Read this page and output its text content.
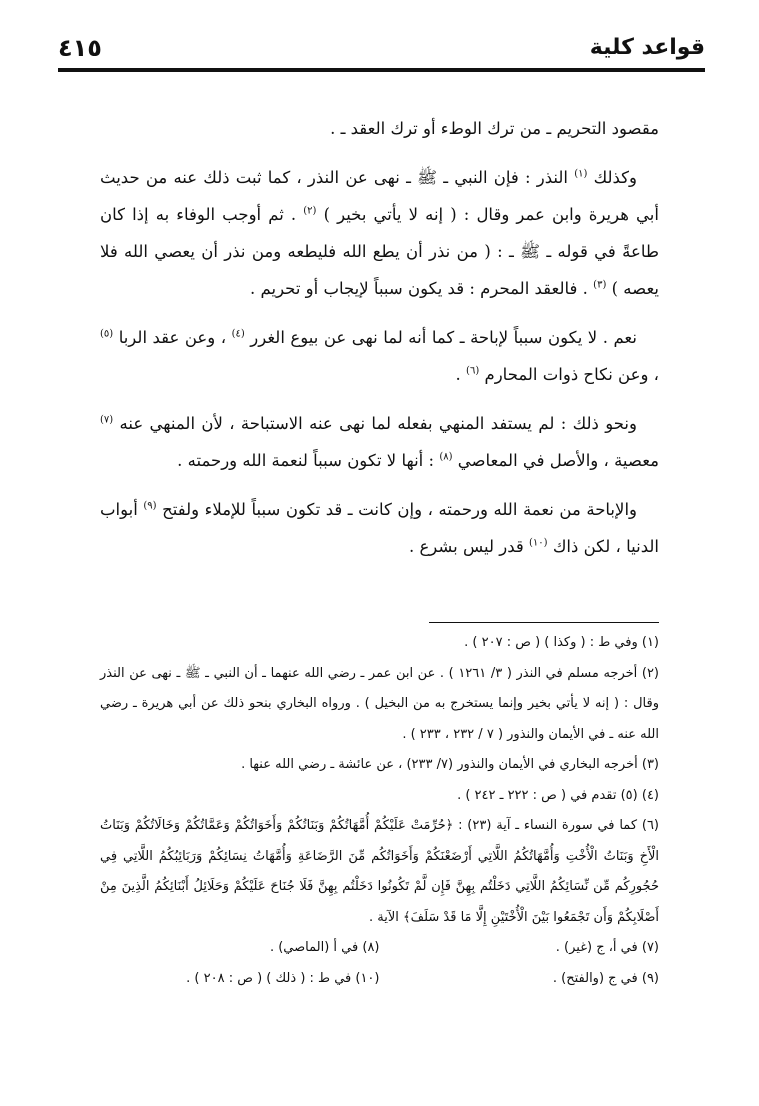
قواعد كلية
٤١٥

مقصود التحريم ـ من ترك الوطء أو ترك العقد ـ .

وكذلك $^{(١)}$ النذر : فإن النبي ـ ﷺ ـ نهى عن النذر ، كما ثبت ذلك عنه من حديث أبي هريرة وابن عمر وقال : ( إنه لا يأتي بخير ) $^{(٢)}$ . ثم أوجب الوفاء به إذا كان طاعةً في قوله ـ ﷺ ـ : ( من نذر أن يطع الله فليطعه ومن نذر أن يعصي الله فلا يعصه ) $^{(٣)}$ . فالعقد المحرم : قد يكون سبباً لإيجاب أو تحريم .

نعم . لا يكون سبباً لإباحة ـ كما أنه لما نهى عن بيوع الغرر $^{(٤)}$ ، وعن عقد الربا $^{(٥)}$ ، وعن نكاح ذوات المحارم $^{(٦)}$ .

ونحو ذلك : لم يستفد المنهي بفعله لما نهى عنه الاستباحة ، لأن المنهي عنه $^{(٧)}$ معصية ، والأصل في المعاصي $^{(٨)}$ : أنها لا تكون سبباً لنعمة الله ورحمته .

والإباحة من نعمة الله ورحمته ، وإن كانت ـ قد تكون سبباً للإملاء ولفتح $^{(٩)}$ أبواب الدنيا ، لكن ذاك $^{(١٠)}$ قدر ليس بشرع .

(١) وفي ط : ( وكذا ) ( ص : ٢٠٧ ) .

(٢) أخرجه مسلم في النذر ( ٣/ ١٢٦١ ) . عن ابن عمر ـ رضي الله عنهما ـ أن النبي ـ ﷺ ـ نهى عن النذر وقال : ( إنه لا يأتي بخير وإنما يستخرج به من البخيل ) . ورواه البخاري بنحو ذلك عن أبي هريرة ـ رضي الله عنه ـ في الأيمان والنذور ( ٧ / ٢٣٢ ، ٢٣٣ ) .

(٣) أخرجه البخاري في الأيمان والنذور (٧/ ٢٣٣) ، عن عائشة ـ رضي الله عنها .

(٤) (٥) تقدم في ( ص : ٢٢٢ ـ ٢٤٢ ) .

(٦) كما في سورة النساء ـ آية (٢٣) : ﴿حُرِّمَتْ عَلَيْكُمْ أُمَّهَاتُكُمْ وَبَنَاتُكُمْ وَأَخَوَاتُكُمْ وَعَمَّاتُكُمْ وَخَالَاتُكُمْ وَبَنَاتُ الْأَخِ وَبَنَاتُ الْأُخْتِ وَأُمَّهَاتُكُمُ اللَّاتِي أَرْضَعْنَكُمْ وَأَخَوَاتُكُم مِّنَ الرَّضَاعَةِ وَأُمَّهَاتُ نِسَائِكُمْ وَرَبَائِبُكُمُ اللَّاتِي فِي حُجُورِكُم مِّن نِّسَائِكُمُ اللَّاتِي دَخَلْتُم بِهِنَّ فَإِن لَّمْ تَكُونُوا دَخَلْتُم بِهِنَّ فَلَا جُنَاحَ عَلَيْكُمْ وَحَلَائِلُ أَبْنَائِكُمُ الَّذِينَ مِنْ أَصْلَابِكُمْ وَأَن تَجْمَعُوا بَيْنَ الْأُخْتَيْنِ إِلَّا مَا قَدْ سَلَفَ﴾ الآية .

(٧) في أ، ج (غير) .
(٨) في أ (الماصي) .
(٩) في ج (والفتح) .
(١٠) في ط : ( ذلك ) ( ص : ٢٠٨ ) .
